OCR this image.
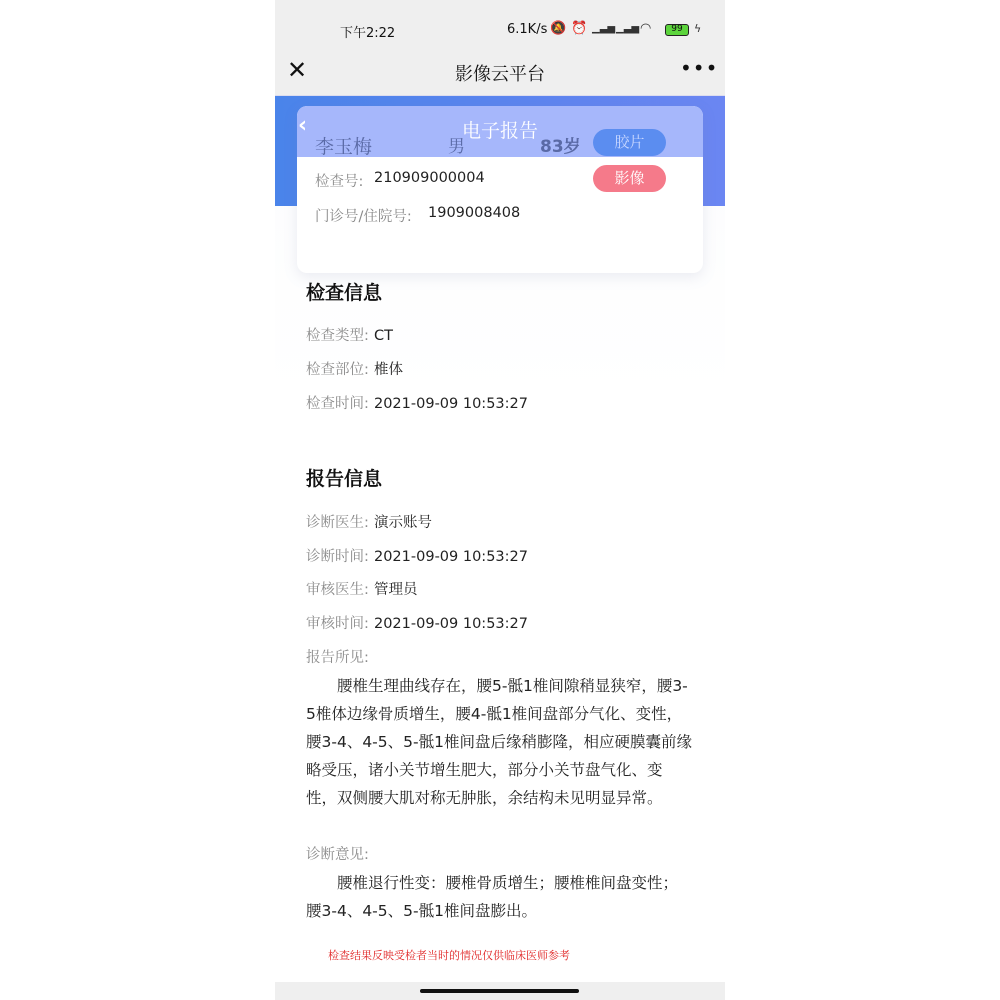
下午2:22	6.1K/s 🔕 ⏰ ▁▃▅ ▁▃▅ ◠	99	ϟ
✕	影像云平台	•••
电子报告
‹
李玉梅	男	83岁	胶片
影像
检查号: 210909000004
门诊号/住院号: 1909008408
检查信息
检查类型: CT
检查部位: 椎体
检查时间: 2021-09-09 10:53:27
报告信息
诊断医生: 演示账号
诊断时间: 2021-09-09 10:53:27
审核医生: 管理员
审核时间: 2021-09-09 10:53:27
报告所见:
　　腰椎生理曲线存在，腰5-骶1椎间隙稍显狭窄，腰3-
5椎体边缘骨质增生，腰4-骶1椎间盘部分气化、变性，
腰3-4、4-5、5-骶1椎间盘后缘稍膨隆，相应硬膜囊前缘
略受压，诸小关节增生肥大，部分小关节盘气化、变
性，双侧腰大肌对称无肿胀，余结构未见明显异常。
诊断意见:
　　腰椎退行性变：腰椎骨质增生；腰椎椎间盘变性；
腰3-4、4-5、5-骶1椎间盘膨出。
检查结果反映受检者当时的情况仅供临床医师参考
